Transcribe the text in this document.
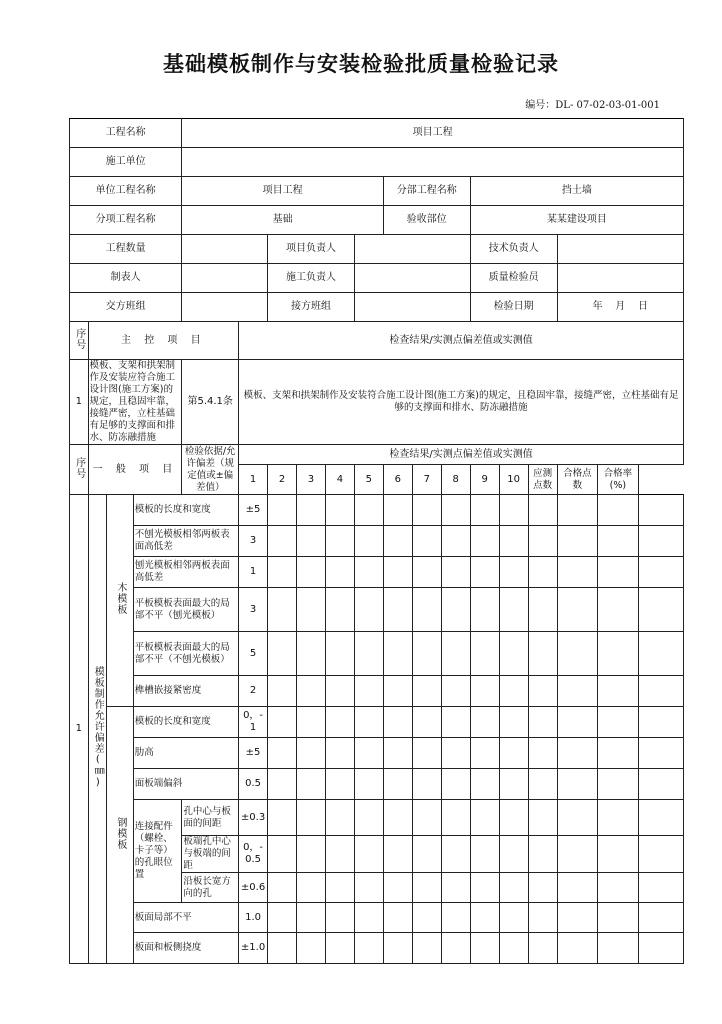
基础模板制作与安装检验批质量检验记录
编号：DL- 07-02-03-01-001
工程名称				项目工程														
施工单位																		
单位工程名称				项目工程						分部工程名称			挡土墙					
分项工程名称				基础						验收部位			某某建设项目					
工程数量						项目负责人							技术负责人					
制表人						施工负责人							质量检验员					
交方班组						接方班组							检验日期			年    月    日		
序号	主 控 项 目				检查结果/实测点偏差值或实测值													
1	模板、支架和拱架制作及安装应符合施工设计图(施工方案)的规定，且稳固牢靠，接缝严密，立柱基础有足够的支撑面和排水、防冻融措施			第5.4.1条	模板、支架和拱架制作及安装符合施工设计图(施工方案)的规定，且稳固牢靠，接缝严密，立柱基础有足够的支撑面和排水、防冻融措施													
序号	一 般 项 目			检验依据/允许偏差（规定值或±偏差值）	检查结果/实测点偏差值或实测值													
					1	2	3	4	5	6	7	8	9	10	应测点数	合格点数	合格率(%)	
1	模板制作允许偏差(㎜)	木模板	模板的长度和宽度		±5													
			不刨光模板相邻两板表面高低差		3													
			刨光模板相邻两板表面高低差		1													
			平板模板表面最大的局部不平（刨光模板）		3													
			平板模板表面最大的局部不平（不刨光模板）		5													
			榫槽嵌接紧密度		2													
		钢模板	模板的长度和宽度		0，-1													
			肋高		±5													
			面板端偏斜		0.5													
			连接配件（螺栓、卡子等）的孔眼位置	孔中心与板面的间距	±0.3													
				板端孔中心与板端的间距	0，-0.5													
				沿板长宽方向的孔	±0.6													
			板面局部不平		1.0													
			板面和板侧挠度		±1.0													
